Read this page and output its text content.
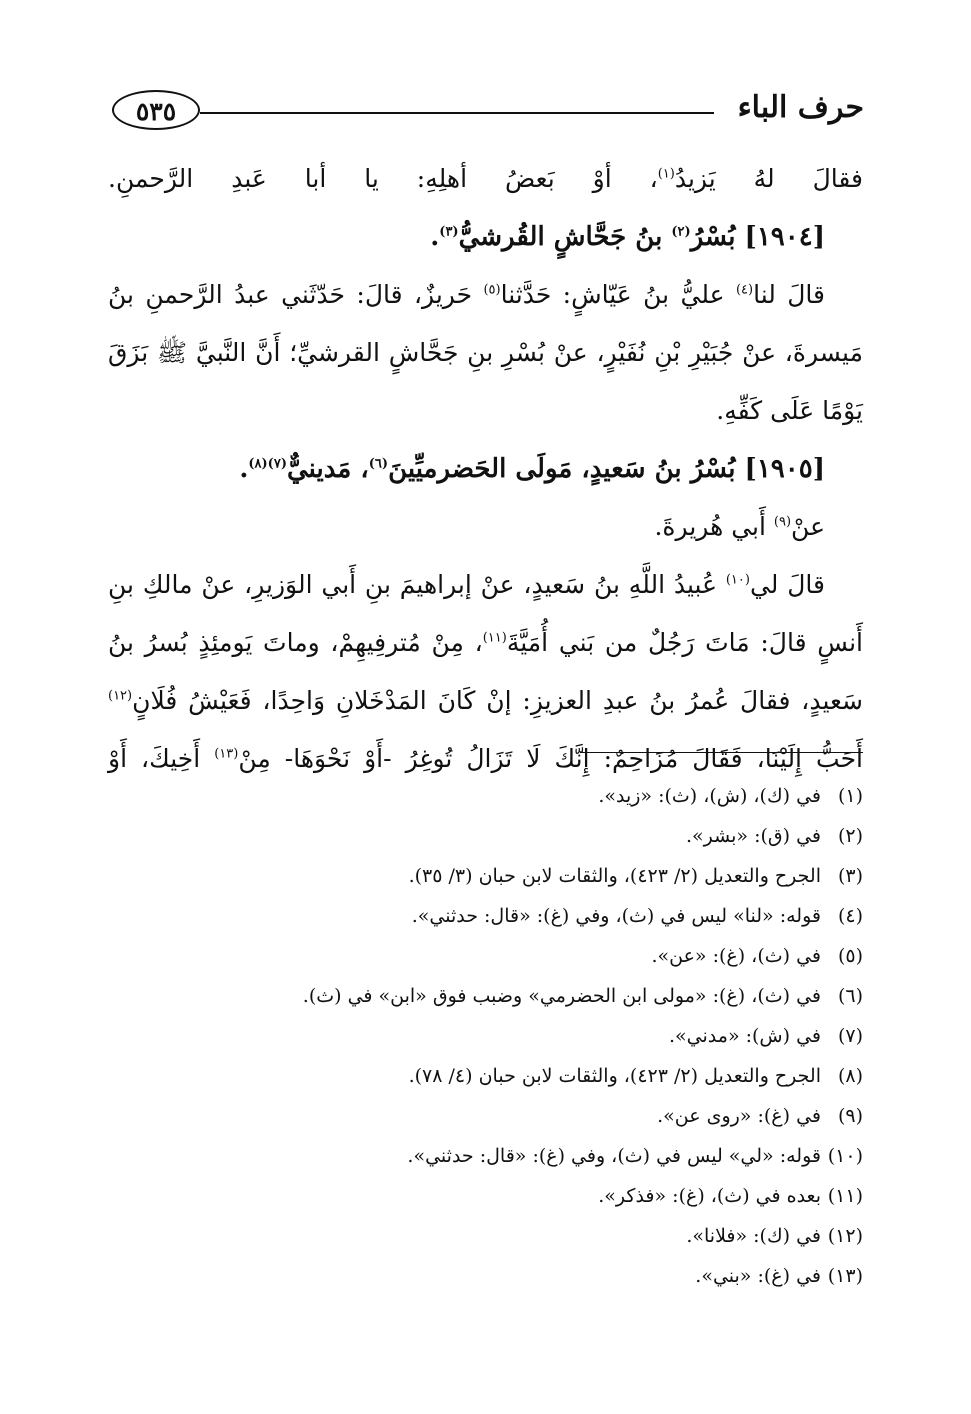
حرف الباء
٥٣٥
فقالَ لهُ يَزيدُ$^{(١)}$، أوْ بَعضُ أهلِهِ: يا أبا عَبدِ الرَّحمنِ.
[١٩٠٤] بُسْرُ$^{(٢)}$ بنُ جَحَّاشٍ القُرشيُّ$^{(٣)}$.
قالَ لنا$^{(٤)}$ عليُّ بنُ عَيّاشٍ: حَدَّثنا$^{(٥)}$ حَريزٌ، قالَ: حَدّثَني عبدُ الرَّحمنِ بنُ
مَيسرةَ، عنْ جُبَيْرِ بْنِ نُفَيْرٍ، عنْ بُسْرِ بنِ جَحَّاشٍ القرشيِّ؛ أَنَّ النَّبيَّ ﷺ بَزَقَ
يَوْمًا عَلَى كَفِّهِ.
[١٩٠٥] بُسْرُ بنُ سَعيدٍ، مَولَى الحَضرميِّينَ$^{(٦)}$، مَدينيٌّ$^{(٧)(٨)}$.
عنْ$^{(٩)}$ أَبي هُريرةَ.
قالَ لي$^{(١٠)}$ عُبيدُ اللَّهِ بنُ سَعيدٍ، عنْ إبراهيمَ بنِ أَبي الوَزيرِ، عنْ مالكِ بنِ
أَنسٍ قالَ: مَاتَ رَجُلٌ من بَني أُمَيَّةَ$^{(١١)}$، مِنْ مُترفِيهِمْ، وماتَ يَومئِذٍ بُسرُ بنُ
سَعيدٍ، فقالَ عُمرُ بنُ عبدِ العزيزِ: إنْ كَانَ المَدْخَلانِ وَاحِدًا، فَعَيْشُ فُلَانٍ$^{(١٢)}$
أَحَبُّ إِلَيْنَا، فَقَالَ مُزَاحِمٌ: إِنَّكَ لَا تَزَالُ تُوغِرُ -أَوْ نَحْوَهَا- مِنْ$^{(١٣)}$ أَخِيكَ، أَوْ
(١)في (ك)، (ش)، (ث): «زيد».
(٢)في (ق): «بشر».
(٣)الجرح والتعديل (٢/ ٤٢٣)، والثقات لابن حبان (٣/ ٣٥).
(٤)قوله: «لنا» ليس في (ث)، وفي (غ): «قال: حدثني».
(٥)في (ث)، (غ): «عن».
(٦)في (ث)، (غ): «مولى ابن الحضرمي» وضبب فوق «ابن» في (ث).
(٧)في (ش): «مدني».
(٨)الجرح والتعديل (٢/ ٤٢٣)، والثقات لابن حبان (٤/ ٧٨).
(٩)في (غ): «روى عن».
(١٠)قوله: «لي» ليس في (ث)، وفي (غ): «قال: حدثني».
(١١)بعده في (ث)، (غ): «فذكر».
(١٢)في (ك): «فلانا».
(١٣)في (غ): «بني».
